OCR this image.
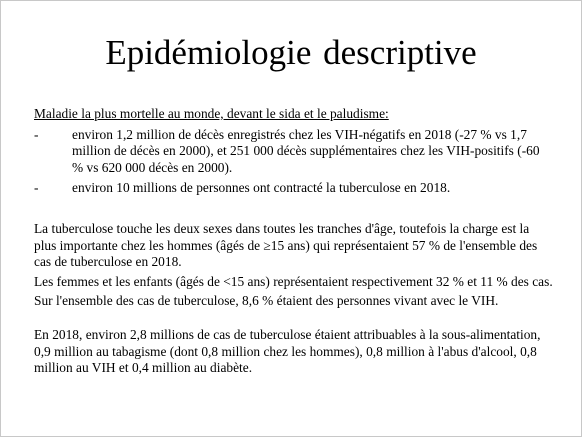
Epidémiologie descriptive
Maladie la plus mortelle au monde, devant le sida et le paludisme:
-	environ 1,2 million de décès enregistrés chez les VIH-négatifs en 2018 (-27 % vs 1,7 million de décès en 2000), et 251 000 décès supplémentaires chez les VIH-positifs (-60 % vs 620 000 décès en 2000).
-	environ 10 millions de personnes ont contracté la tuberculose en 2018.

La tuberculose touche les deux sexes dans toutes les tranches d'âge, toutefois la charge est la plus importante chez les hommes (âgés de ≥15 ans) qui représentaient 57 % de l'ensemble des cas de tuberculose en 2018.

Les femmes et les enfants (âgés de <15 ans) représentaient respectivement 32 % et 11 % des cas.

Sur l'ensemble des cas de tuberculose, 8,6 % étaient des personnes vivant avec le VIH.

En 2018, environ 2,8 millions de cas de tuberculose étaient attribuables à la sous-alimentation, 0,9 million au tabagisme (dont 0,8 million chez les hommes), 0,8 million à l'abus d'alcool, 0,8 million au VIH et 0,4 million au diabète.
